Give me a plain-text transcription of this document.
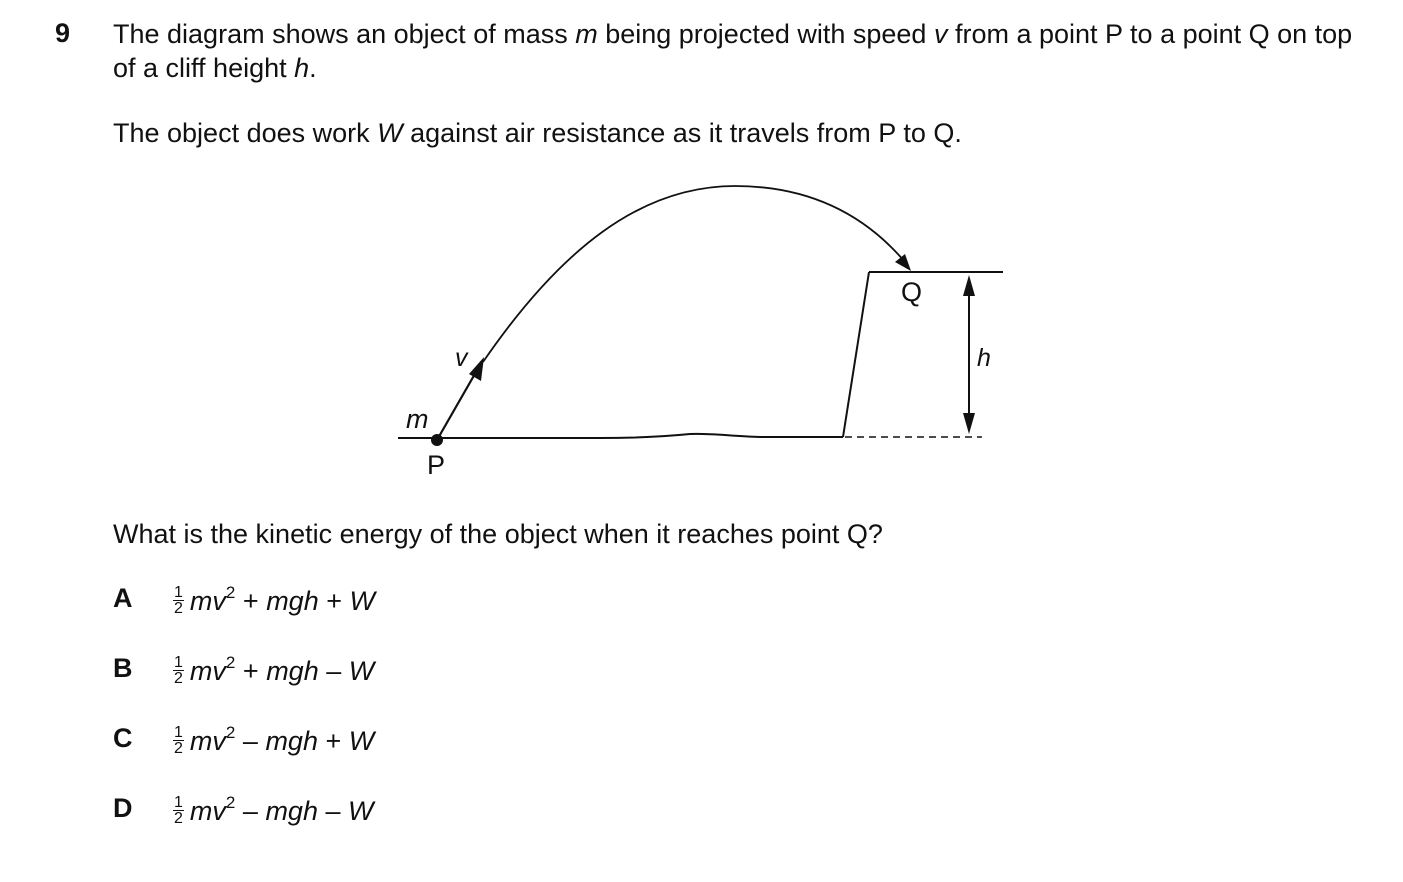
9 The diagram shows an object of mass m being projected with speed v from a point P to a point Q on top of a cliff height h.

The object does work W against air resistance as it travels from P to Q.

m
v
P
Q
h

What is the kinetic energy of the object when it reaches point Q?

A	$\frac{1}{2} mv^2$ + mgh + W
B	$\frac{1}{2} mv^2$ + mgh – W
C	$\frac{1}{2} mv^2$ – mgh + W
D	$\frac{1}{2} mv^2$ – mgh – W
